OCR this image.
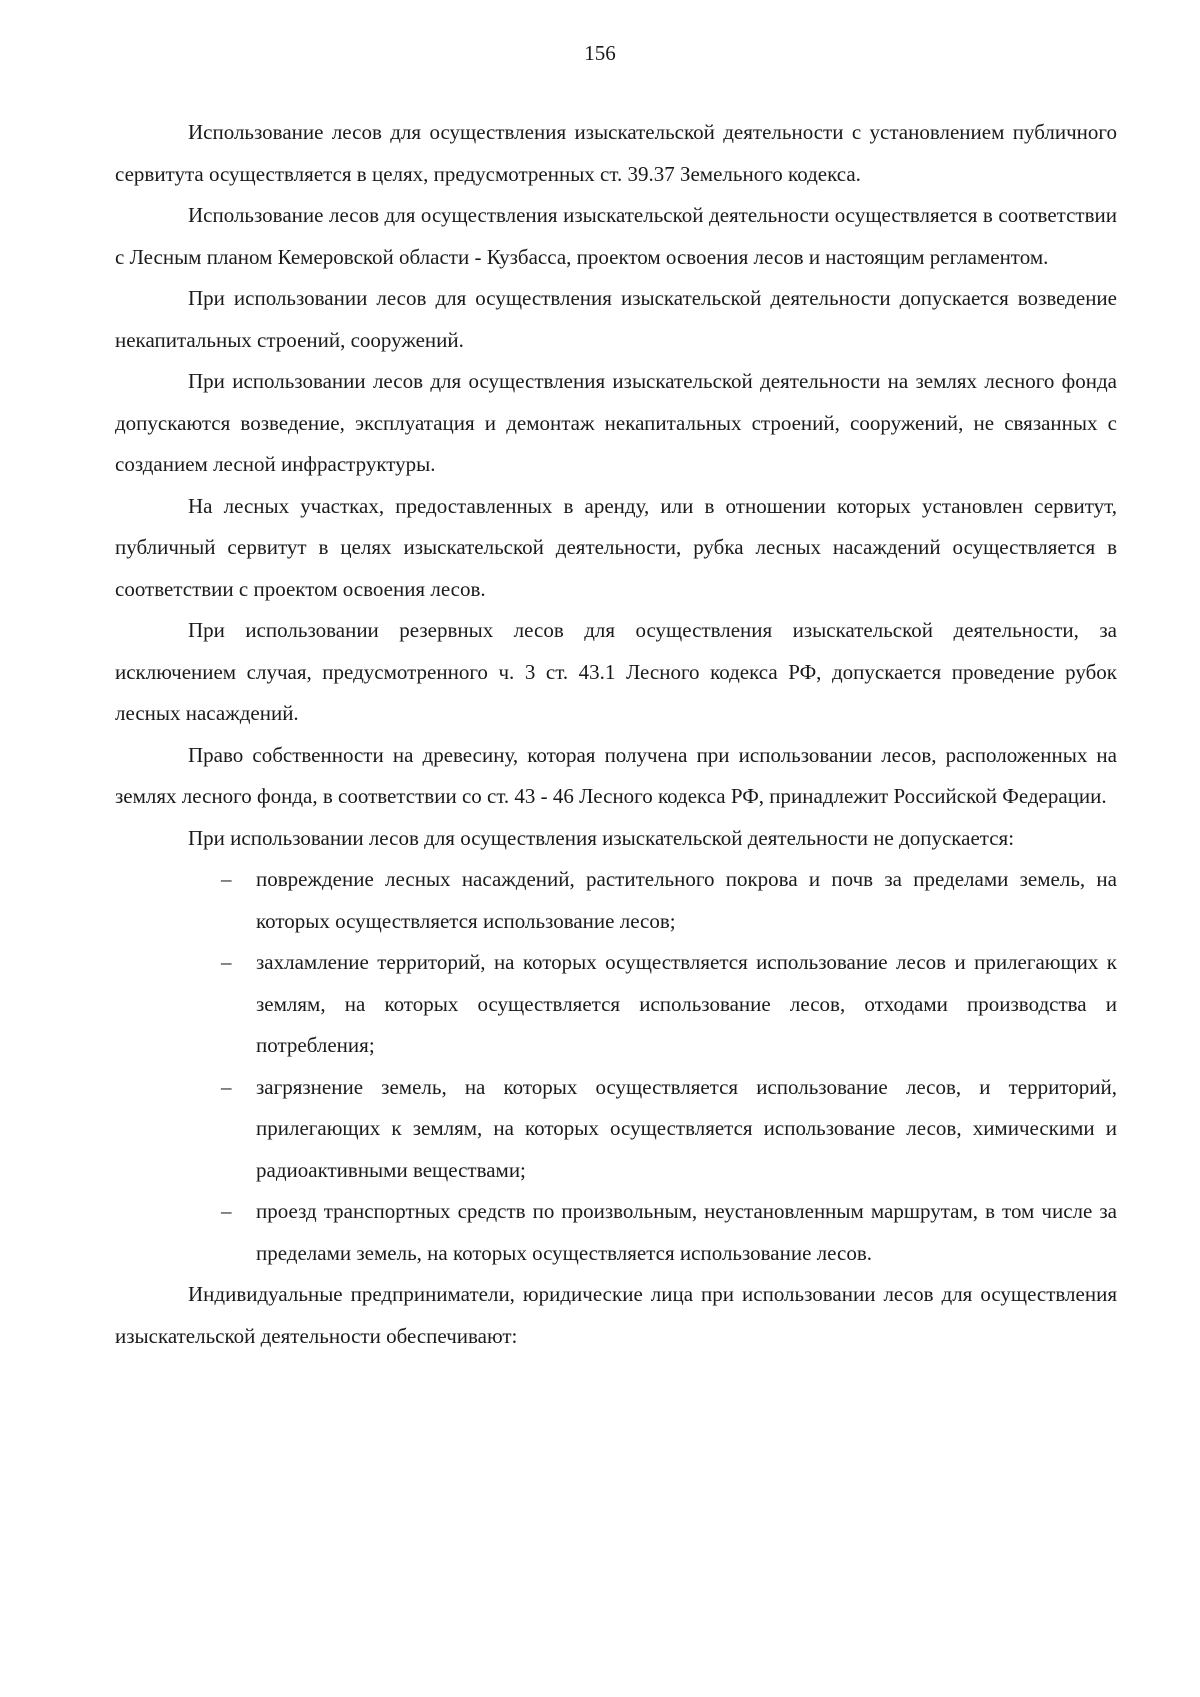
156

Использование лесов для осуществления изыскательской деятельности с установлением публичного сервитута осуществляется в целях, предусмотренных ст. 39.37 Земельного кодекса.

Использование лесов для осуществления изыскательской деятельности осуществляется в соответствии с Лесным планом Кемеровской области - Кузбасса, проектом освоения лесов и настоящим регламентом.

При использовании лесов для осуществления изыскательской деятельности допускается возведение некапитальных строений, сооружений.

При использовании лесов для осуществления изыскательской деятельности на землях лесного фонда допускаются возведение, эксплуатация и демонтаж некапитальных строений, сооружений, не связанных с созданием лесной инфраструктуры.

На лесных участках, предоставленных в аренду, или в отношении которых установлен сервитут, публичный сервитут в целях изыскательской деятельности, рубка лесных насаждений осуществляется в соответствии с проектом освоения лесов.

При использовании резервных лесов для осуществления изыскательской деятельности, за исключением случая, предусмотренного ч. 3 ст. 43.1 Лесного кодекса РФ, допускается проведение рубок лесных насаждений.

Право собственности на древесину, которая получена при использовании лесов, расположенных на землях лесного фонда, в соответствии со ст. 43 - 46 Лесного кодекса РФ, принадлежит Российской Федерации.

При использовании лесов для осуществления изыскательской деятельности не допускается:

– повреждение лесных насаждений, растительного покрова и почв за пределами земель, на которых осуществляется использование лесов;
– захламление территорий, на которых осуществляется использование лесов и прилегающих к землям, на которых осуществляется использование лесов, отходами производства и потребления;
– загрязнение земель, на которых осуществляется использование лесов, и территорий, прилегающих к землям, на которых осуществляется использование лесов, химическими и радиоактивными веществами;
– проезд транспортных средств по произвольным, неустановленным маршрутам, в том числе за пределами земель, на которых осуществляется использование лесов.

Индивидуальные предприниматели, юридические лица при использовании лесов для осуществления изыскательской деятельности обеспечивают:
